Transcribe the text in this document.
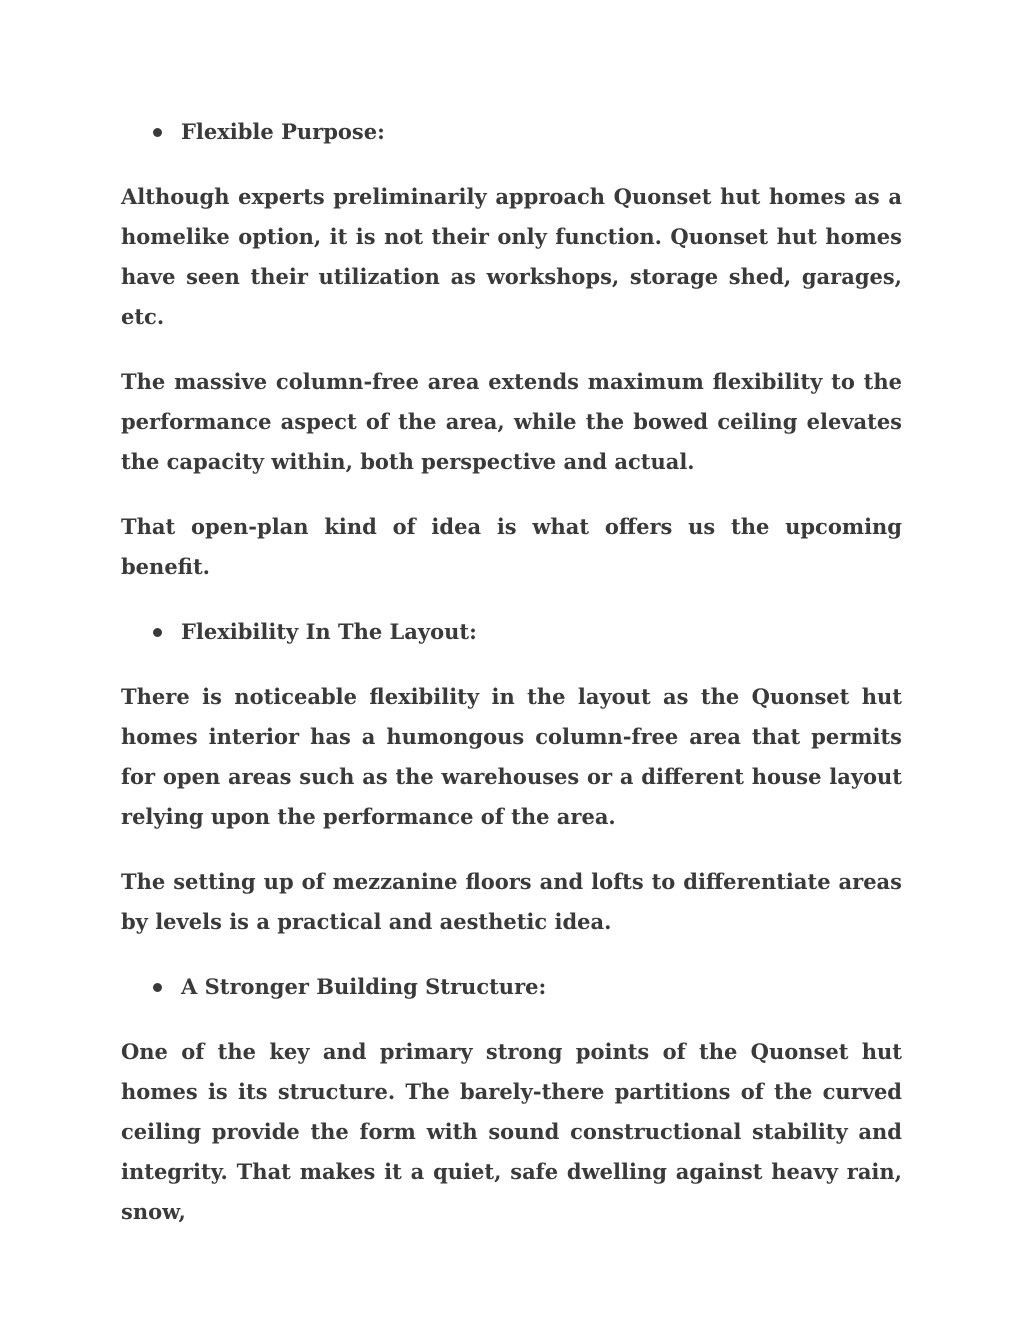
Flexible Purpose:

Although experts preliminarily approach Quonset hut homes as a homelike option, it is not their only function. Quonset hut homes have seen their utilization as workshops, storage shed, garages, etc.

The massive column-free area extends maximum flexibility to the performance aspect of the area, while the bowed ceiling elevates the capacity within, both perspective and actual.

That open-plan kind of idea is what offers us the upcoming benefit.

Flexibility In The Layout:

There is noticeable flexibility in the layout as the Quonset hut homes interior has a humongous column-free area that permits for open areas such as the warehouses or a different house layout relying upon the performance of the area.

The setting up of mezzanine floors and lofts to differentiate areas by levels is a practical and aesthetic idea.

A Stronger Building Structure:

One of the key and primary strong points of the Quonset hut homes is its structure. The barely-there partitions of the curved ceiling provide the form with sound constructional stability and integrity. That makes it a quiet, safe dwelling against heavy rain, snow,
